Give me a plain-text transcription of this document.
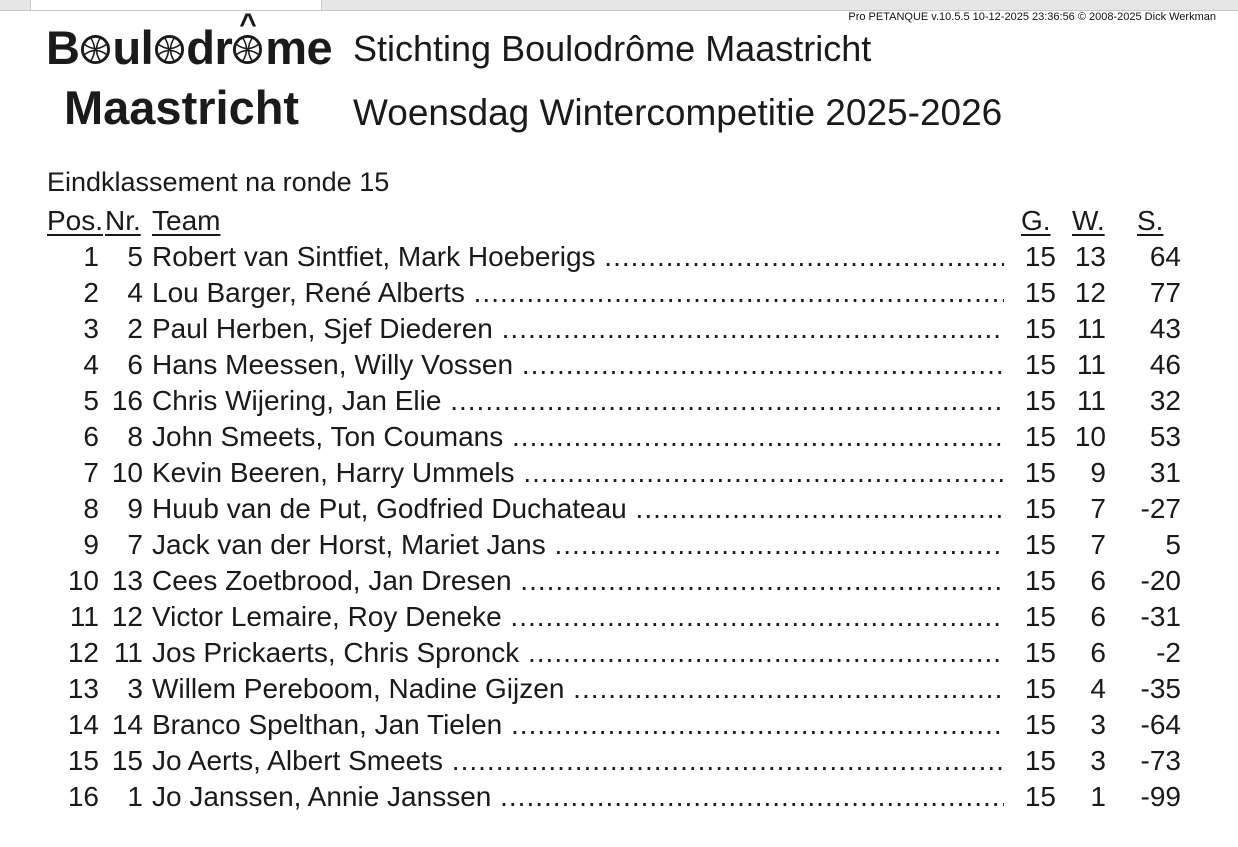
Pro PETANQUE v.10.5.5 10-12-2025 23:36:56 © 2008-2025 Dick Werkman
B ul dr ^ me
Maastricht
Stichting Boulodrôme Maastricht
Woensdag Wintercompetitie 2025-2026
Eindklassement na ronde 15
Pos. Nr. Team	G. W. S.
1	5 Robert van Sintfiet, Mark Hoeberigs .....	15 13	64
2	4 Lou Barger, René Alberts .....	15 12	77
3	2 Paul Herben, Sjef Diederen .....	15 11	43
4	6 Hans Meessen, Willy Vossen .....	15 11	46
5 16 Chris Wijering, Jan Elie .....	15 11	32
6	8 John Smeets, Ton Coumans .....	15 10	53
7 10 Kevin Beeren, Harry Ummels .....	15	9	31
8	9 Huub van de Put, Godfried Duchateau .....	15	7	-27
9	7 Jack van der Horst, Mariet Jans .....	15	7	5
10 13 Cees Zoetbrood, Jan Dresen .....	15	6	-20
11 12 Victor Lemaire, Roy Deneke .....	15	6	-31
12 11 Jos Prickaerts, Chris Spronck .....	15	6	-2
13	3 Willem Pereboom, Nadine Gijzen .....	15	4	-35
14 14 Branco Spelthan, Jan Tielen .....	15	3	-64
15 15 Jo Aerts, Albert Smeets .....	15	3	-73
16	1 Jo Janssen, Annie Janssen .....	15	1	-99
